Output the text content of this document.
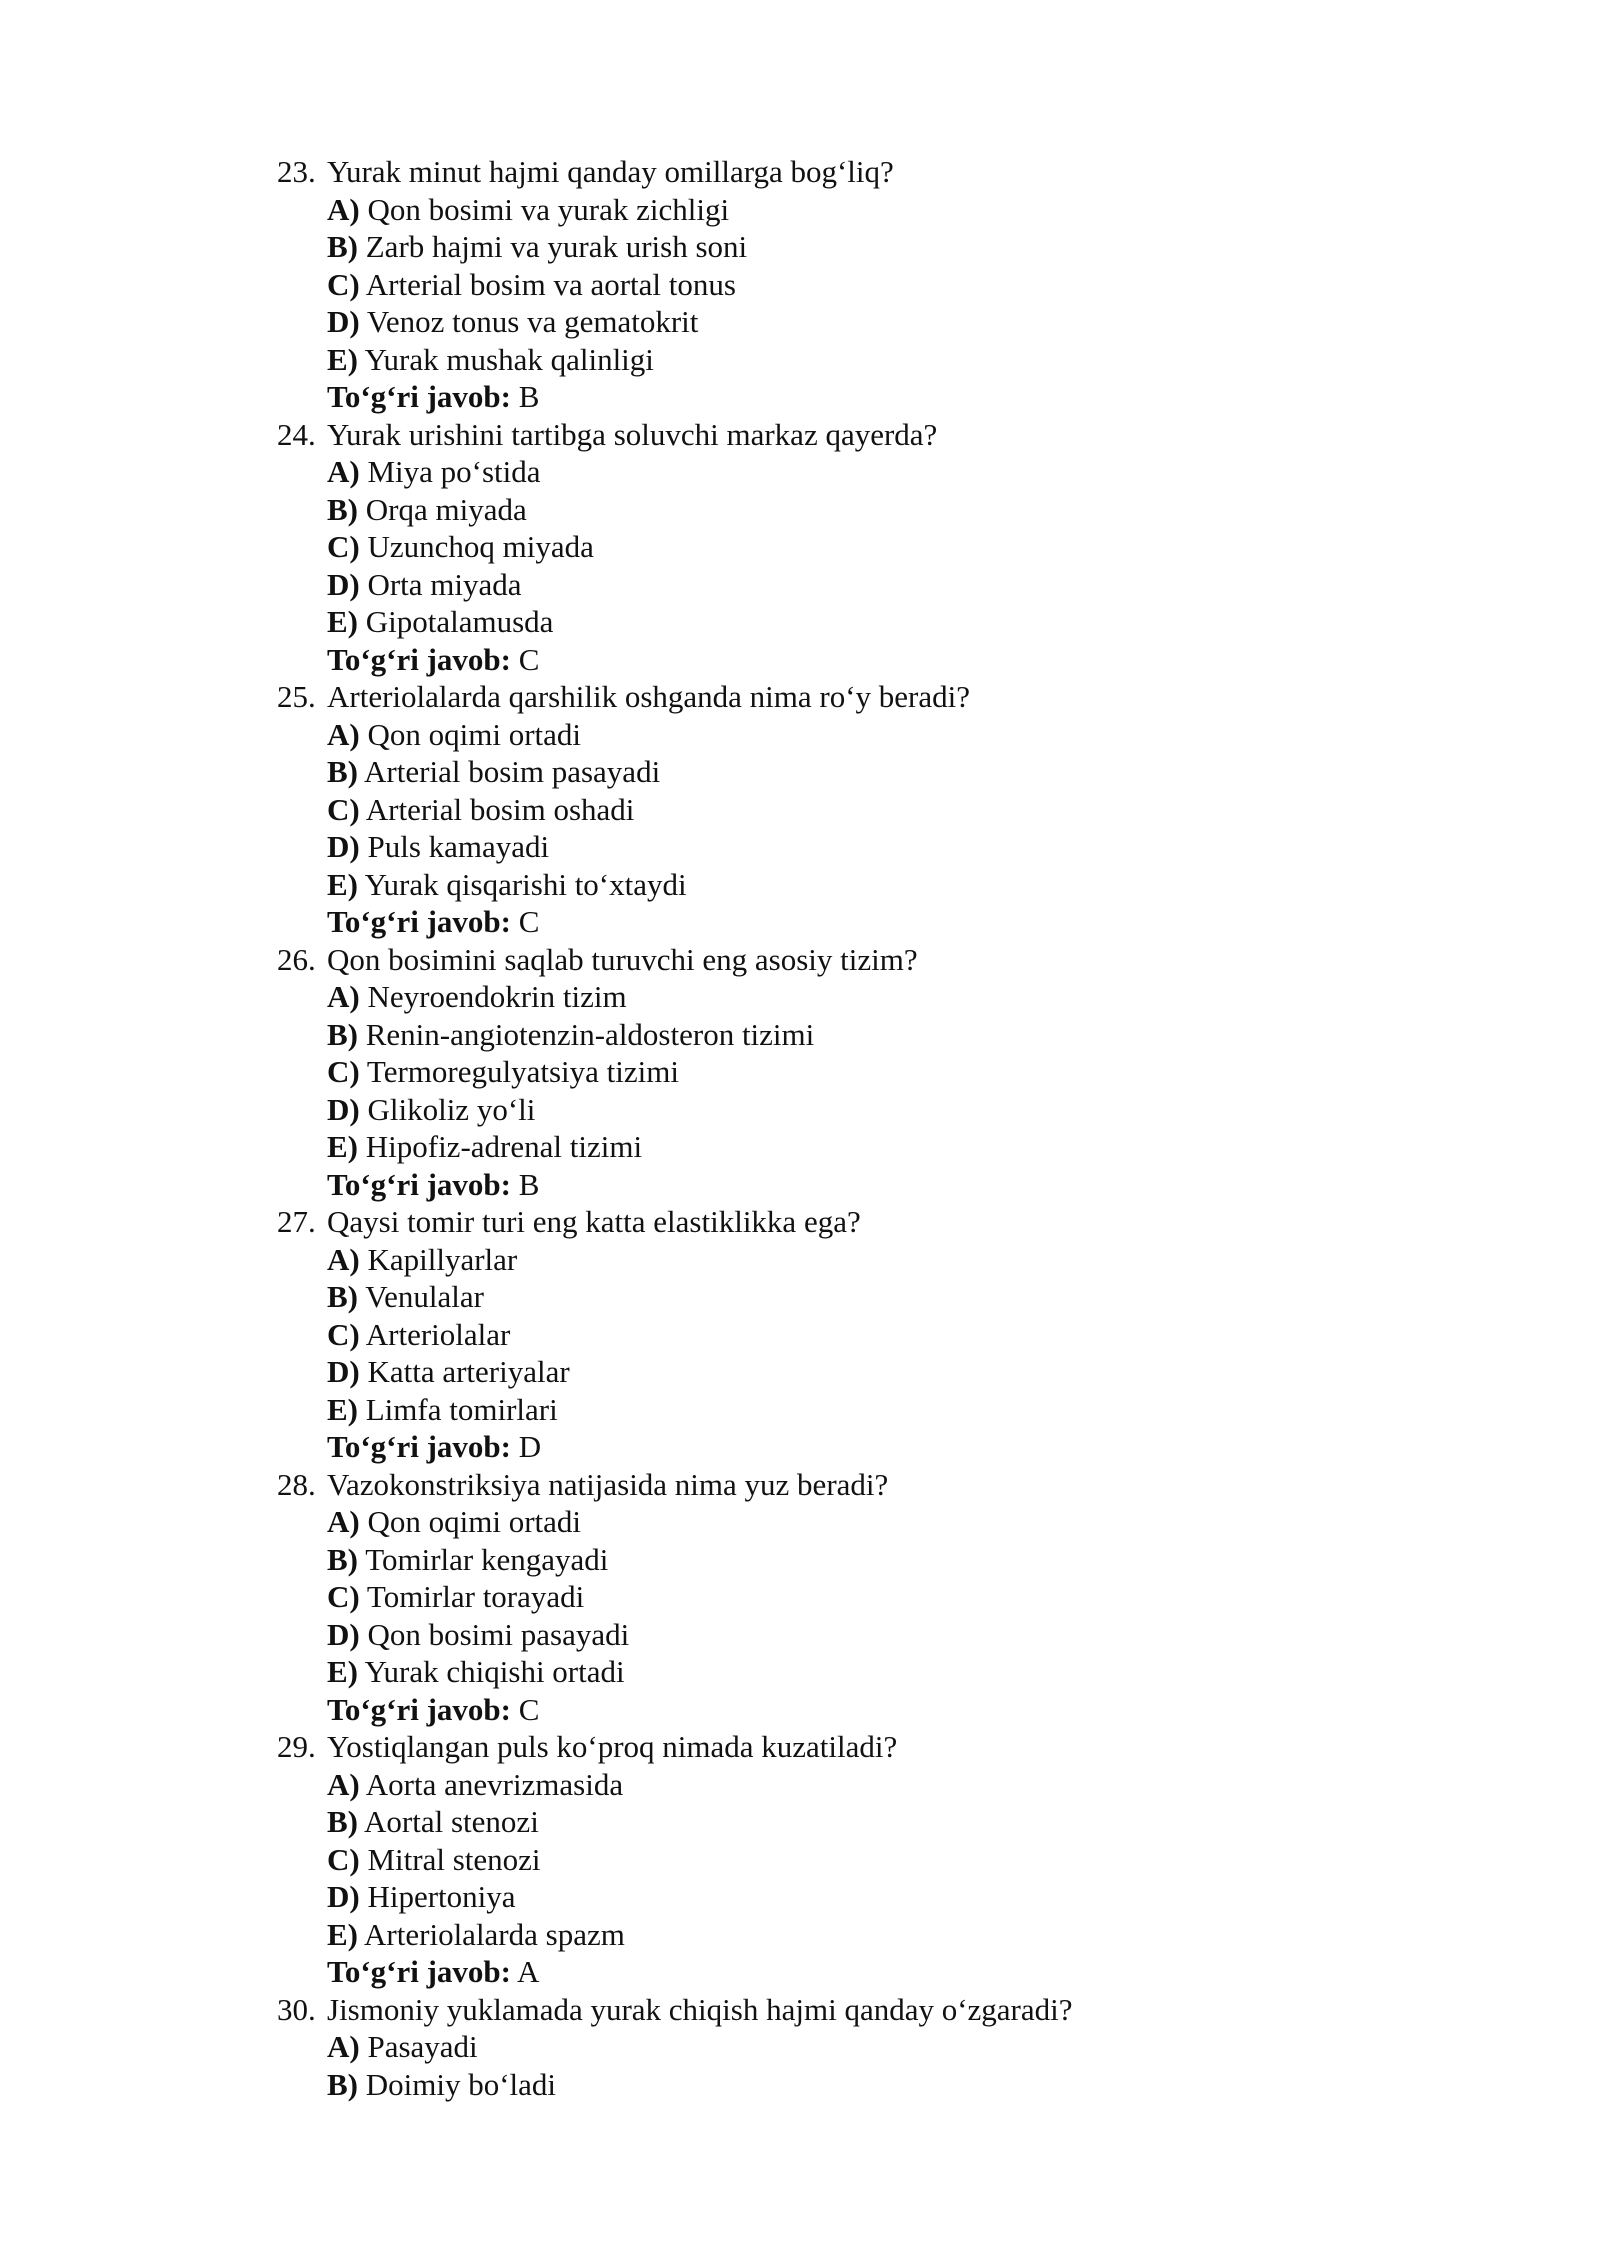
23. Yurak minut hajmi qanday omillarga bog‘liq?
A) Qon bosimi va yurak zichligi
B) Zarb hajmi va yurak urish soni
C) Arterial bosim va aortal tonus
D) Venoz tonus va gematokrit
E) Yurak mushak qalinligi
To‘g‘ri javob: B
24. Yurak urishini tartibga soluvchi markaz qayerda?
A) Miya po‘stida
B) Orqa miyada
C) Uzunchoq miyada
D) Orta miyada
E) Gipotalamusda
To‘g‘ri javob: C
25. Arteriolalarda qarshilik oshganda nima ro‘y beradi?
A) Qon oqimi ortadi
B) Arterial bosim pasayadi
C) Arterial bosim oshadi
D) Puls kamayadi
E) Yurak qisqarishi to‘xtaydi
To‘g‘ri javob: C
26. Qon bosimini saqlab turuvchi eng asosiy tizim?
A) Neyroendokrin tizim
B) Renin-angiotenzin-aldosteron tizimi
C) Termoregulyatsiya tizimi
D) Glikoliz yo‘li
E) Hipofiz-adrenal tizimi
To‘g‘ri javob: B
27. Qaysi tomir turi eng katta elastiklikka ega?
A) Kapillyarlar
B) Venulalar
C) Arteriolalar
D) Katta arteriyalar
E) Limfa tomirlari
To‘g‘ri javob: D
28. Vazokonstriksiya natijasida nima yuz beradi?
A) Qon oqimi ortadi
B) Tomirlar kengayadi
C) Tomirlar torayadi
D) Qon bosimi pasayadi
E) Yurak chiqishi ortadi
To‘g‘ri javob: C
29. Yostiqlangan puls ko‘proq nimada kuzatiladi?
A) Aorta anevrizmasida
B) Aortal stenozi
C) Mitral stenozi
D) Hipertoniya
E) Arteriolalarda spazm
To‘g‘ri javob: A
30. Jismoniy yuklamada yurak chiqish hajmi qanday o‘zgaradi?
A) Pasayadi
B) Doimiy bo‘ladi
